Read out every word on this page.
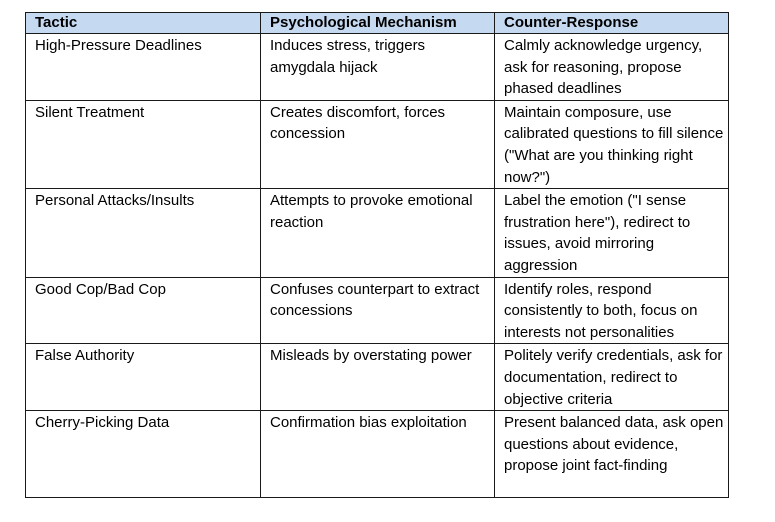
Tactic	Psychological Mechanism	Counter-Response
High-Pressure Deadlines	Induces stress, triggers amygdala hijack	Calmly acknowledge urgency, ask for reasoning, propose phased deadlines
Silent Treatment	Creates discomfort, forces concession	Maintain composure, use calibrated questions to fill silence ("What are you thinking right now?")
Personal Attacks/Insults	Attempts to provoke emotional reaction	Label the emotion ("I sense frustration here"), redirect to issues, avoid mirroring aggression
Good Cop/Bad Cop	Confuses counterpart to extract concessions	Identify roles, respond consistently to both, focus on interests not personalities
False Authority	Misleads by overstating power	Politely verify credentials, ask for documentation, redirect to objective criteria
Cherry-Picking Data	Confirmation bias exploitation	Present balanced data, ask open questions about evidence, propose joint fact-finding
